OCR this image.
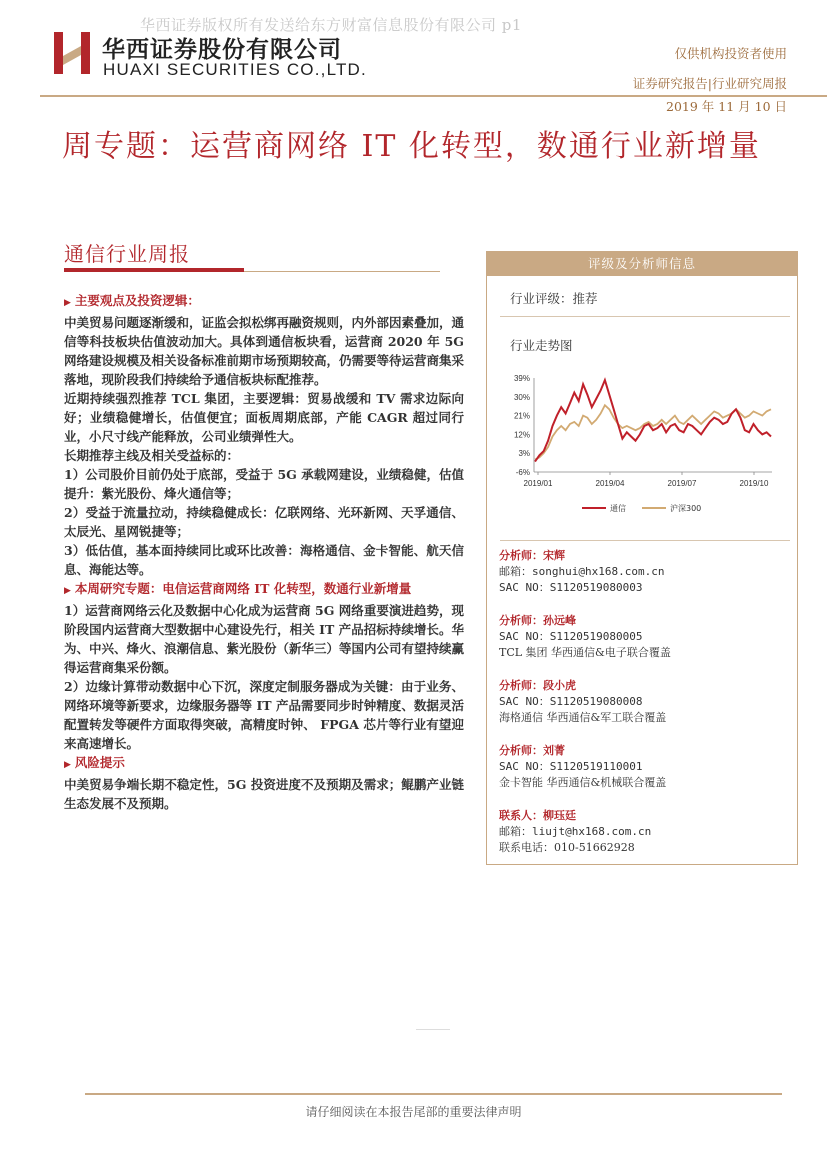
华西证券版权所有发送给东方财富信息股份有限公司 p1
华西证券股份有限公司
HUAXI SECURITIES CO.,LTD.
仅供机构投资者使用
证券研究报告|行业研究周报
2019 年 11 月 10 日
周专题：运营商网络 IT 化转型，数通行业新增量
通信行业周报

▶ 主要观点及投资逻辑：

中美贸易问题逐渐缓和，证监会拟松绑再融资规则，内外部因素叠加，通信等科技板块估值波动加大。具体到通信板块看，运营商 2020 年 5G 网络建设规模及相关设备标准前期市场预期较高，仍需要等待运营商集采落地，现阶段我们持续给予通信板块标配推荐。

近期持续强烈推荐 TCL 集团，主要逻辑：贸易战缓和 TV 需求边际向好；业绩稳健增长，估值便宜；面板周期底部，产能 CAGR 超过同行业，小尺寸线产能释放，公司业绩弹性大。

长期推荐主线及相关受益标的：

1）公司股价目前仍处于底部，受益于 5G 承载网建设，业绩稳健，估值提升：紫光股份、烽火通信等；

2）受益于流量拉动，持续稳健成长：亿联网络、光环新网、天孚通信、太辰光、星网锐捷等；

3）低估值，基本面持续同比或环比改善：海格通信、金卡智能、航天信息、海能达等。

▶ 本周研究专题：电信运营商网络 IT 化转型，数通行业新增量

1）运营商网络云化及数据中心化成为运营商 5G 网络重要演进趋势，现阶段国内运营商大型数据中心建设先行，相关 IT 产品招标持续增长。华为、中兴、烽火、浪潮信息、紫光股份（新华三）等国内公司有望持续赢得运营商集采份额。

2）边缘计算带动数据中心下沉，深度定制服务器成为关键：由于业务、网络环境等新要求，边缘服务器等 IT 产品需要同步时钟精度、数据灵活配置转发等硬件方面取得突破，高精度时钟、 FPGA 芯片等行业有望迎来高速增长。

▶ 风险提示

中美贸易争端长期不稳定性，5G 投资进度不及预期及需求；鲲鹏产业链生态发展不及预期。

评级及分析师信息
行业评级：推荐
行业走势图
39%
30%
21%
12%
3%
-6%
2019/01	2019/04	2019/07	2019/10
通信	沪深300
分析师：宋辉
邮箱：songhui@hx168.com.cn
SAC NO：S1120519080003
分析师：孙远峰
SAC NO：S1120519080005
TCL 集团 华西通信&电子联合覆盖
分析师：段小虎
SAC NO：S1120519080008
海格通信 华西通信&军工联合覆盖
分析师：刘菁
SAC NO：S1120519110001
金卡智能 华西通信&机械联合覆盖
联系人：柳珏廷
邮箱：liujt@hx168.com.cn
联系电话：010-51662928
请仔细阅读在本报告尾部的重要法律声明
